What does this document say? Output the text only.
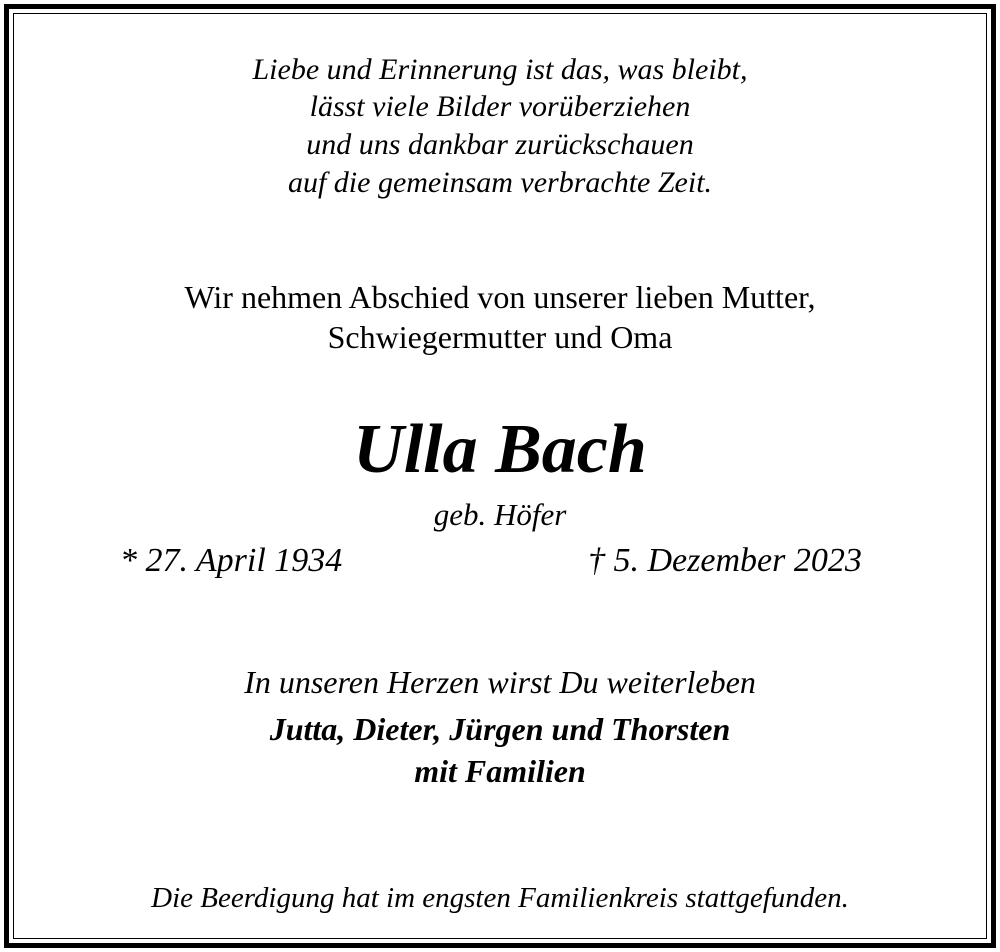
Liebe und Erinnerung ist das, was bleibt,
lässt viele Bilder vorüberziehen
und uns dankbar zurückschauen
auf die gemeinsam verbrachte Zeit.
Wir nehmen Abschied von unserer lieben Mutter,
Schwiegermutter und Oma
Ulla Bach
geb. Höfer
* 27. April 1934	† 5. Dezember 2023
In unseren Herzen wirst Du weiterleben
Jutta, Dieter, Jürgen und Thorsten
mit Familien
Die Beerdigung hat im engsten Familienkreis stattgefunden.
